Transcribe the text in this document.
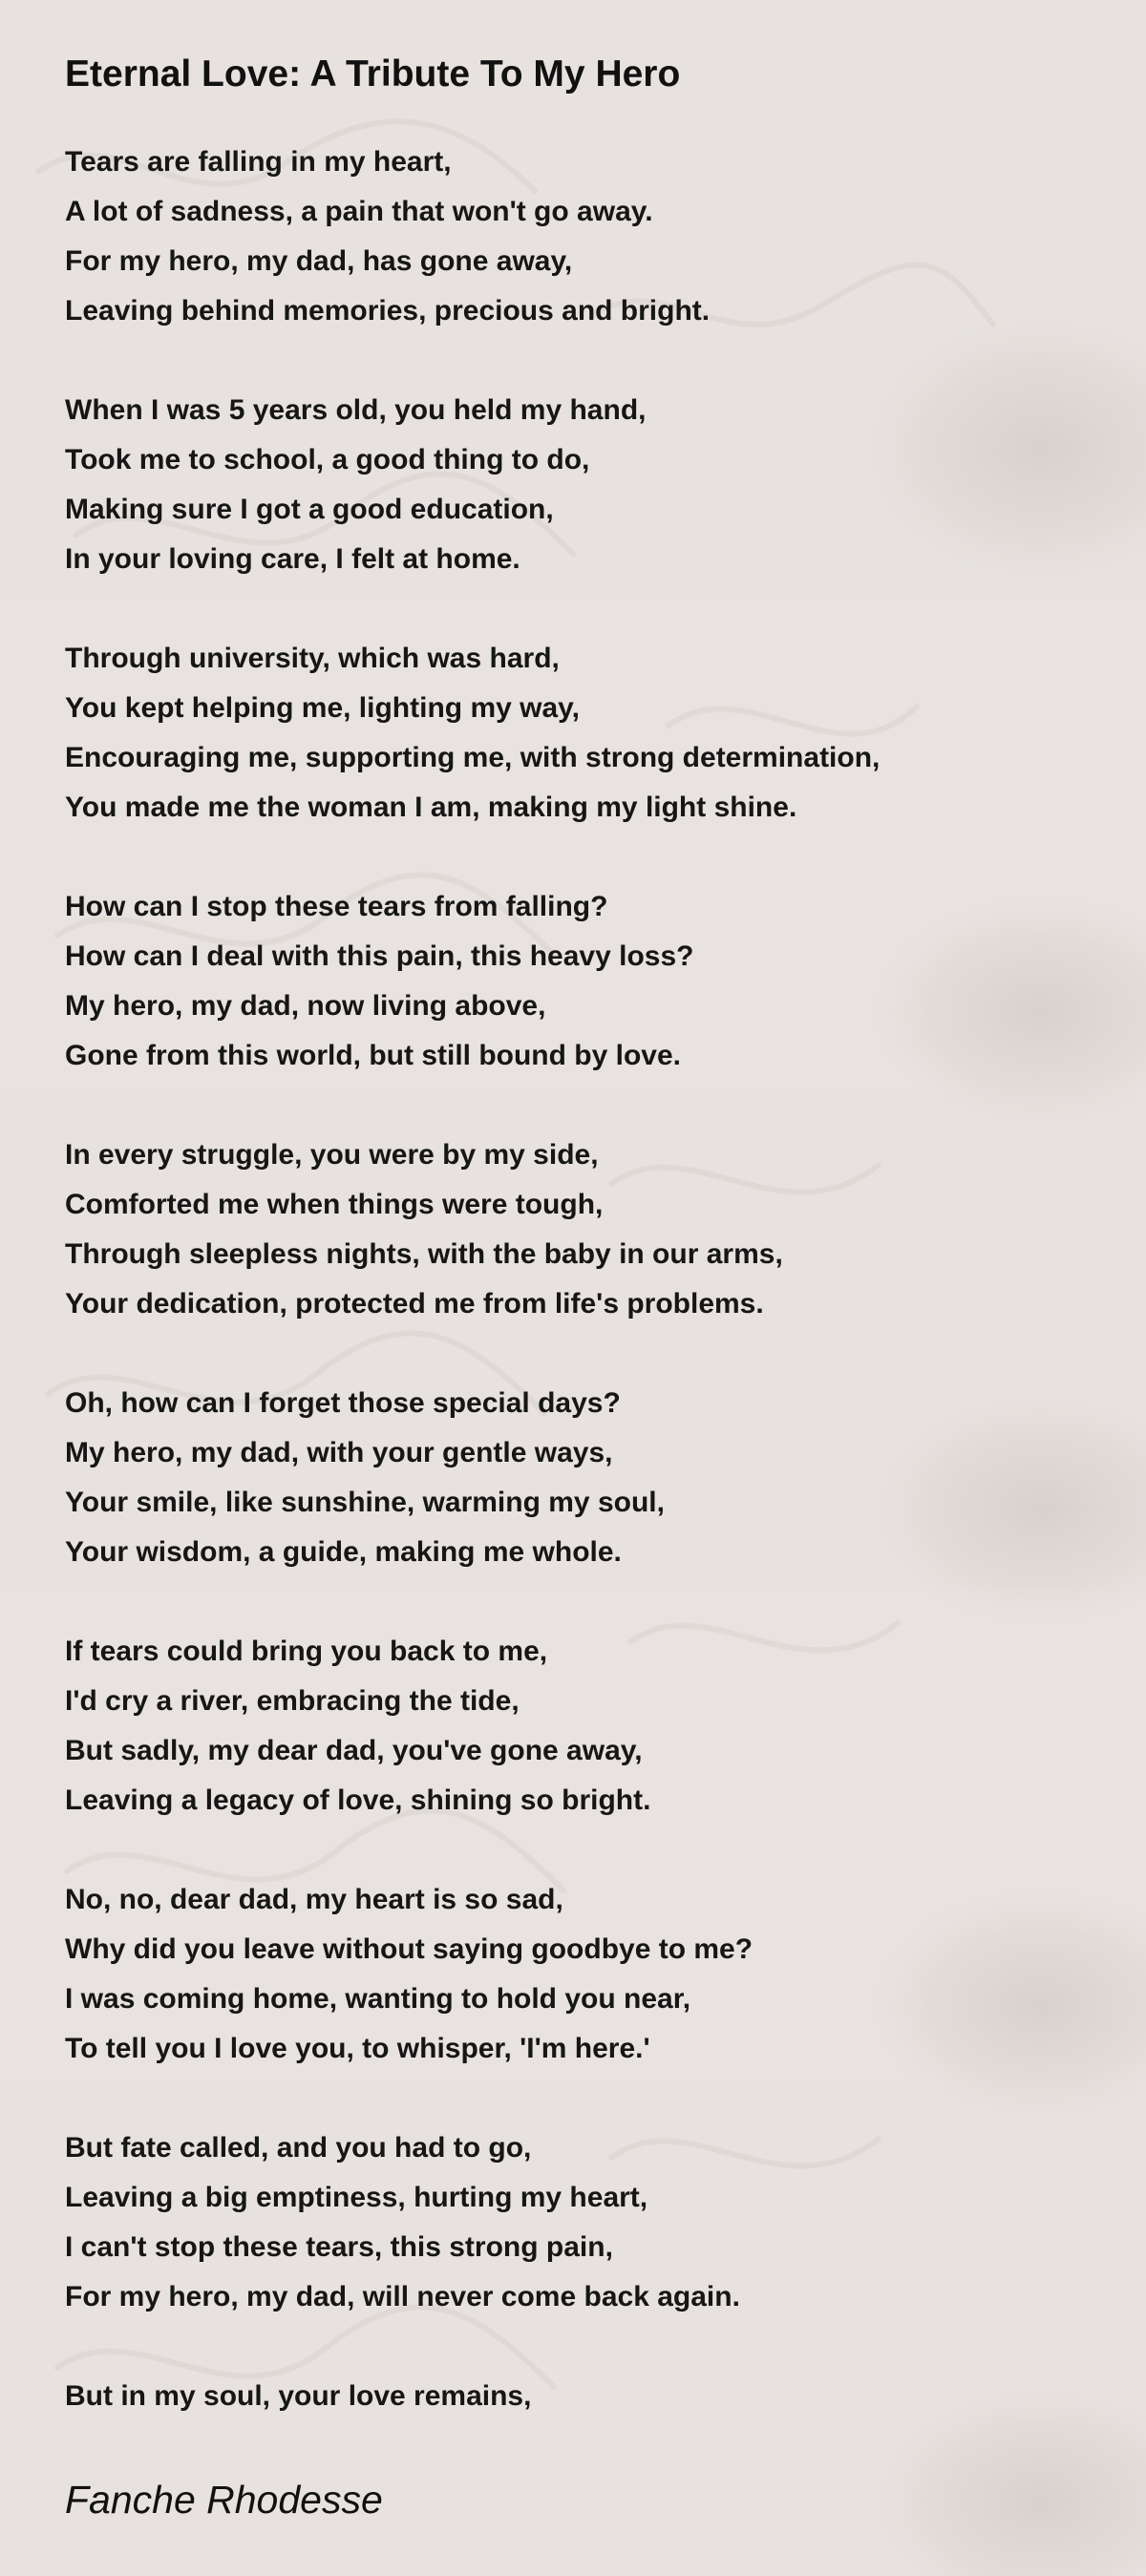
Eternal Love: A Tribute To My Hero
Tears are falling in my heart,
A lot of sadness, a pain that won't go away.
For my hero, my dad, has gone away,
Leaving behind memories, precious and bright.
When I was 5 years old, you held my hand,
Took me to school, a good thing to do,
Making sure I got a good education,
In your loving care, I felt at home.
Through university, which was hard,
You kept helping me, lighting my way,
Encouraging me, supporting me, with strong determination,
You made me the woman I am, making my light shine.
How can I stop these tears from falling?
How can I deal with this pain, this heavy loss?
My hero, my dad, now living above,
Gone from this world, but still bound by love.
In every struggle, you were by my side,
Comforted me when things were tough,
Through sleepless nights, with the baby in our arms,
Your dedication, protected me from life's problems.
Oh, how can I forget those special days?
My hero, my dad, with your gentle ways,
Your smile, like sunshine, warming my soul,
Your wisdom, a guide, making me whole.
If tears could bring you back to me,
I'd cry a river, embracing the tide,
But sadly, my dear dad, you've gone away,
Leaving a legacy of love, shining so bright.
No, no, dear dad, my heart is so sad,
Why did you leave without saying goodbye to me?
I was coming home, wanting to hold you near,
To tell you I love you, to whisper, 'I'm here.'
But fate called, and you had to go,
Leaving a big emptiness, hurting my heart,
I can't stop these tears, this strong pain,
For my hero, my dad, will never come back again.
But in my soul, your love remains,
Fanche Rhodesse
